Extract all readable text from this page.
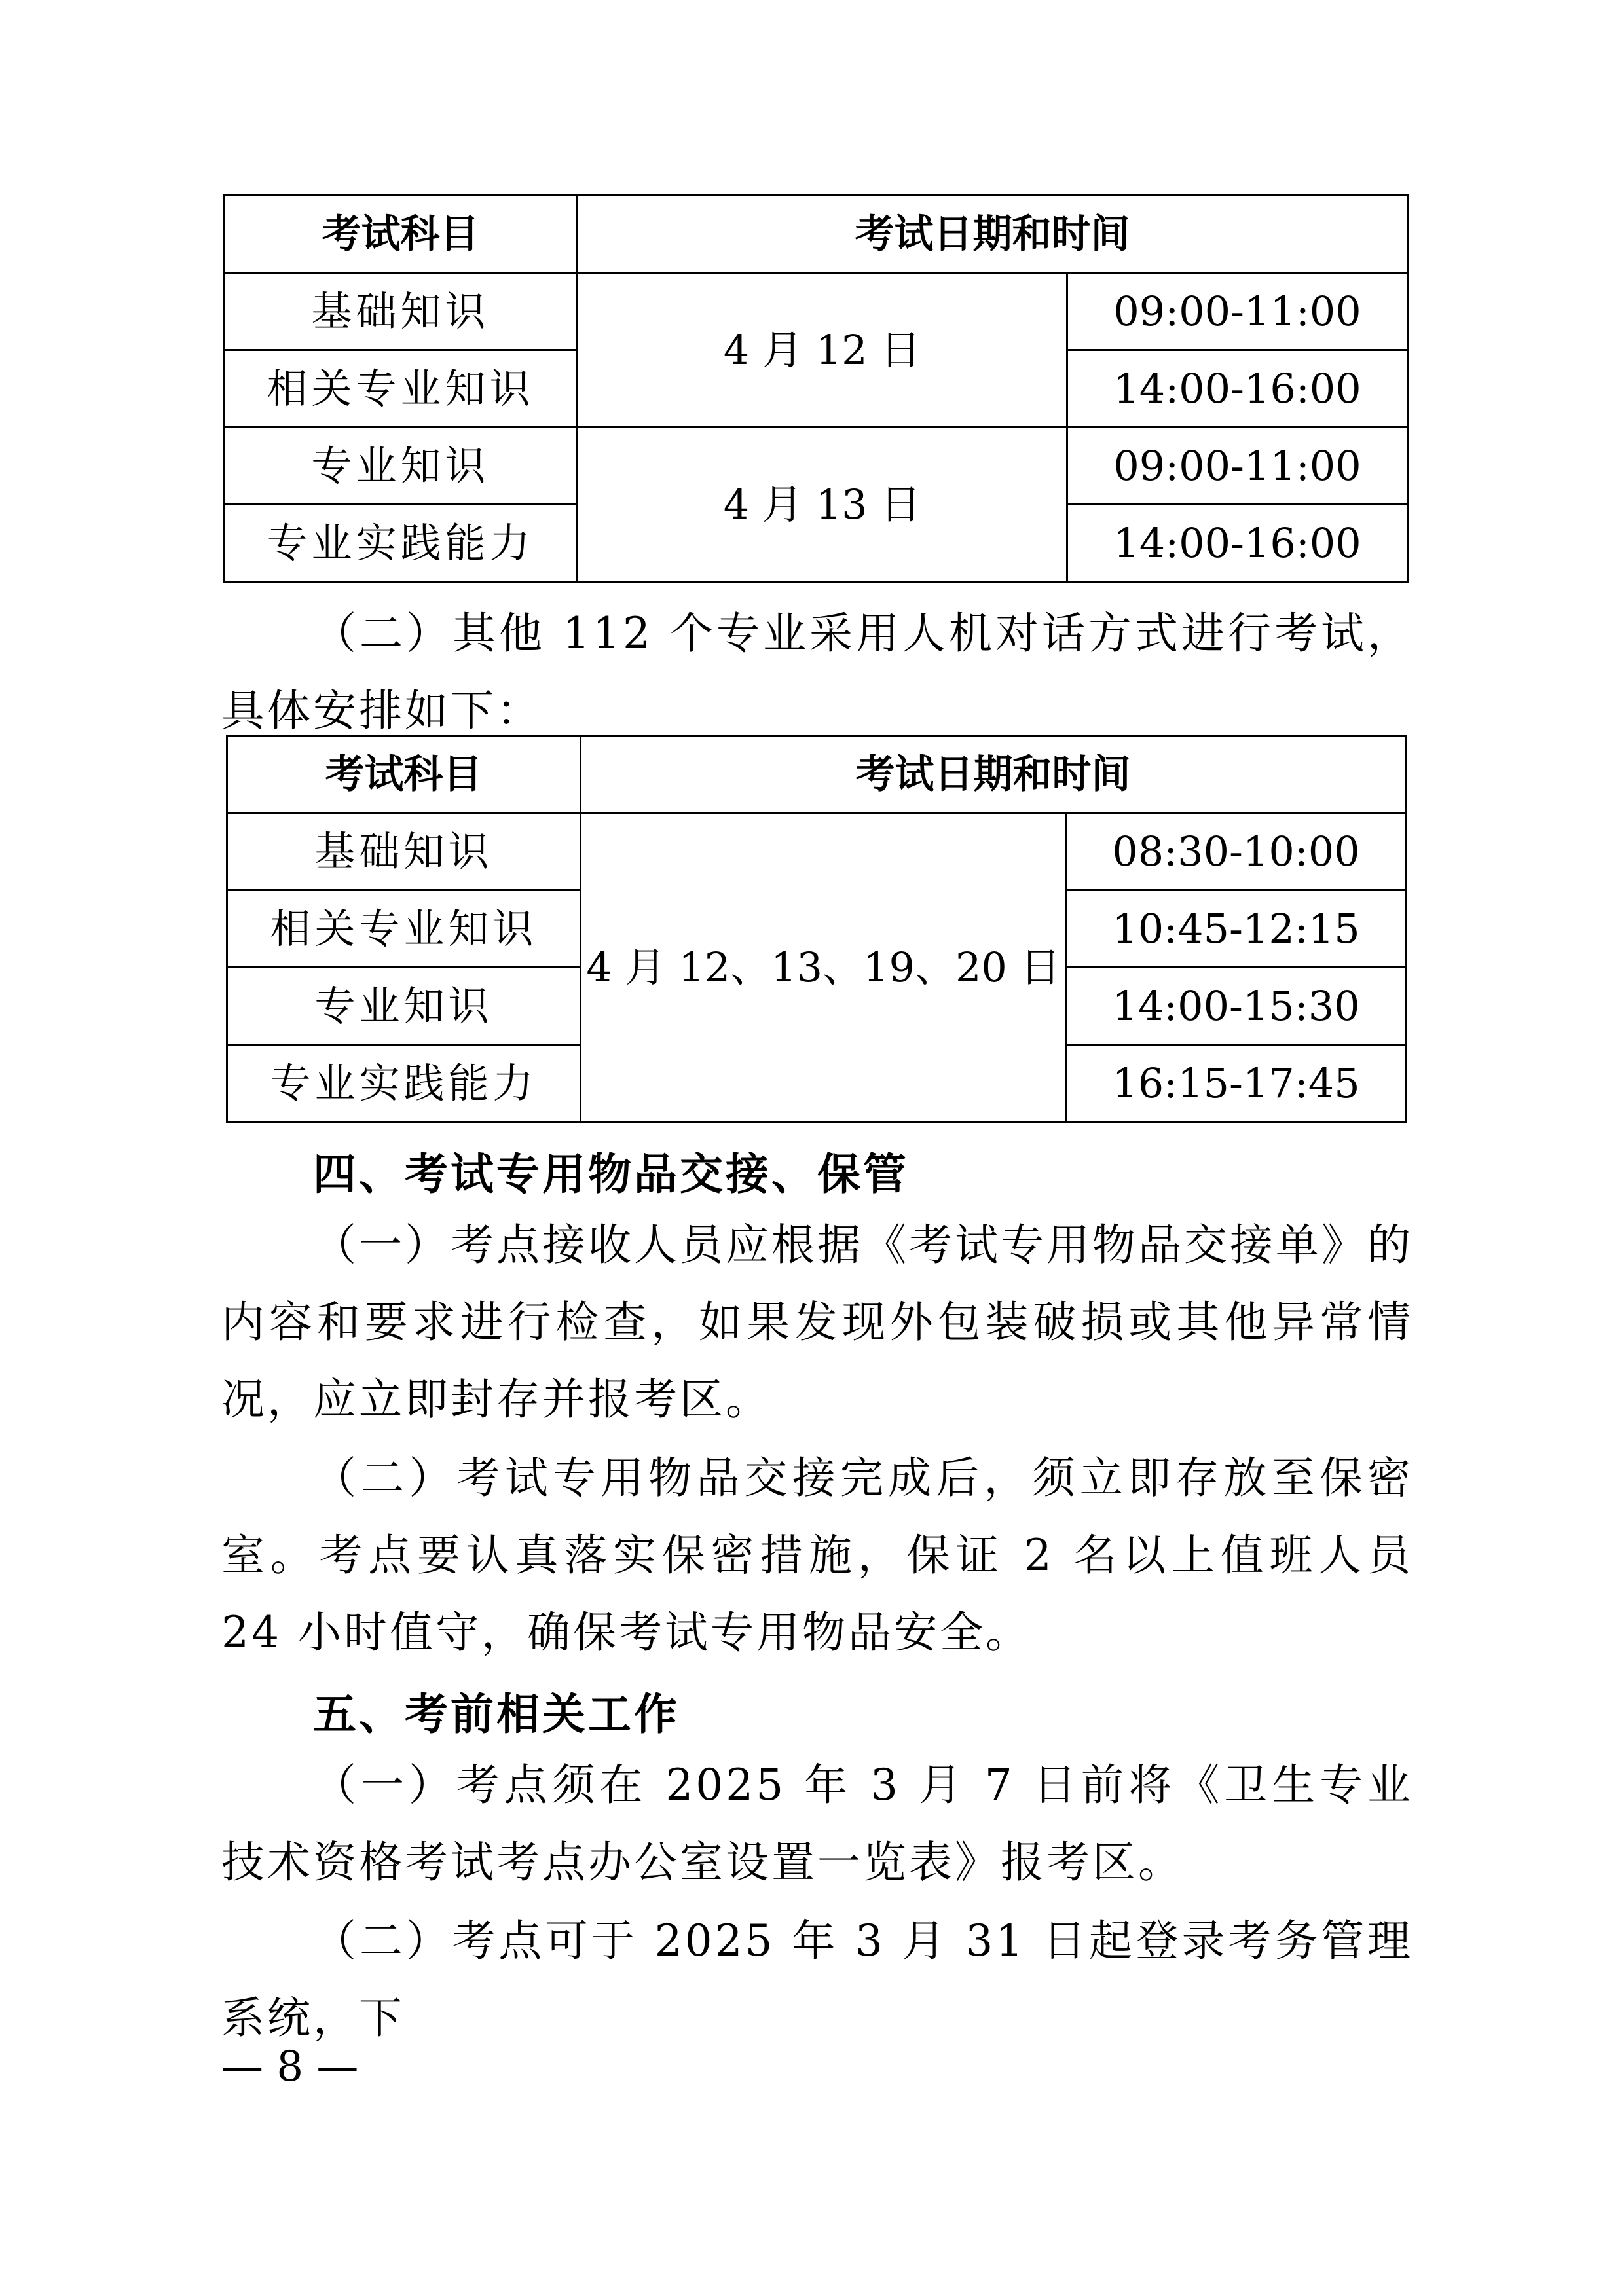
考试科目	考试日期和时间	
基础知识	4 月 12 日	09:00-11:00
相关专业知识		14:00-16:00
专业知识	4 月 13 日	09:00-11:00
专业实践能力		14:00-16:00

（二）其他 112 个专业采用人机对话方式进行考试，具体安排如下：

考试科目	考试日期和时间	
基础知识	4 月 12、13、19、20 日	08:30-10:00
相关专业知识		10:45-12:15
专业知识		14:00-15:30
专业实践能力		16:15-17:45
四、考试专用物品交接、保管

（一）考点接收人员应根据《考试专用物品交接单》的内容和要求进行检查，如果发现外包装破损或其他异常情况，应立即封存并报考区。

（二）考试专用物品交接完成后，须立即存放至保密室。考点要认真落实保密措施，保证 2 名以上值班人员 24 小时值守，确保考试专用物品安全。

五、考前相关工作

（一）考点须在 2025 年 3 月 7 日前将《卫生专业技术资格考试考点办公室设置一览表》报考区。

（二）考点可于 2025 年 3 月 31 日起登录考务管理系统，下

— 8 —
